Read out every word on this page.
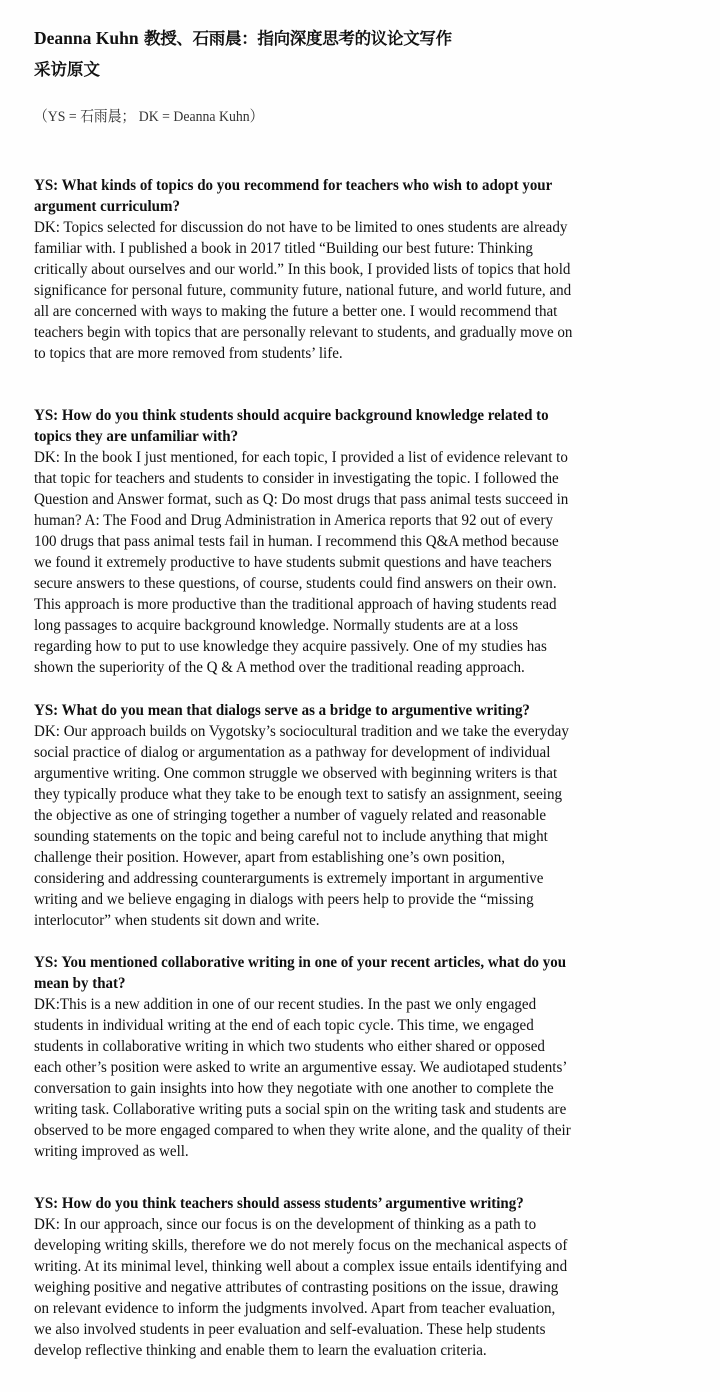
Deanna Kuhn 教授、石雨晨：指向深度思考的议论文写作
采访原文
（YS = 石雨晨； DK = Deanna Kuhn）
YS: What kinds of topics do you recommend for teachers who wish to adopt your
argument curriculum?
DK: Topics selected for discussion do not have to be limited to ones students are already
familiar with. I published a book in 2017 titled “Building our best future: Thinking
critically about ourselves and our world.” In this book, I provided lists of topics that hold
significance for personal future, community future, national future, and world future, and
all are concerned with ways to making the future a better one. I would recommend that
teachers begin with topics that are personally relevant to students, and gradually move on
to topics that are more removed from students’ life.
YS: How do you think students should acquire background knowledge related to
topics they are unfamiliar with?
DK: In the book I just mentioned, for each topic, I provided a list of evidence relevant to
that topic for teachers and students to consider in investigating the topic. I followed the
Question and Answer format, such as Q: Do most drugs that pass animal tests succeed in
human? A: The Food and Drug Administration in America reports that 92 out of every
100 drugs that pass animal tests fail in human. I recommend this Q&A method because
we found it extremely productive to have students submit questions and have teachers
secure answers to these questions, of course, students could find answers on their own.
This approach is more productive than the traditional approach of having students read
long passages to acquire background knowledge. Normally students are at a loss
regarding how to put to use knowledge they acquire passively. One of my studies has
shown the superiority of the Q & A method over the traditional reading approach.
YS: What do you mean that dialogs serve as a bridge to argumentive writing?
DK: Our approach builds on Vygotsky’s sociocultural tradition and we take the everyday
social practice of dialog or argumentation as a pathway for development of individual
argumentive writing. One common struggle we observed with beginning writers is that
they typically produce what they take to be enough text to satisfy an assignment, seeing
the objective as one of stringing together a number of vaguely related and reasonable
sounding statements on the topic and being careful not to include anything that might
challenge their position. However, apart from establishing one’s own position,
considering and addressing counterarguments is extremely important in argumentive
writing and we believe engaging in dialogs with peers help to provide the “missing
interlocutor” when students sit down and write.
YS: You mentioned collaborative writing in one of your recent articles, what do you
mean by that?
DK:This is a new addition in one of our recent studies. In the past we only engaged
students in individual writing at the end of each topic cycle. This time, we engaged
students in collaborative writing in which two students who either shared or opposed
each other’s position were asked to write an argumentive essay. We audiotaped students’
conversation to gain insights into how they negotiate with one another to complete the
writing task. Collaborative writing puts a social spin on the writing task and students are
observed to be more engaged compared to when they write alone, and the quality of their
writing improved as well.
YS: How do you think teachers should assess students’ argumentive writing?
DK: In our approach, since our focus is on the development of thinking as a path to
developing writing skills, therefore we do not merely focus on the mechanical aspects of
writing. At its minimal level, thinking well about a complex issue entails identifying and
weighing positive and negative attributes of contrasting positions on the issue, drawing
on relevant evidence to inform the judgments involved. Apart from teacher evaluation,
we also involved students in peer evaluation and self-evaluation. These help students
develop reflective thinking and enable them to learn the evaluation criteria.
